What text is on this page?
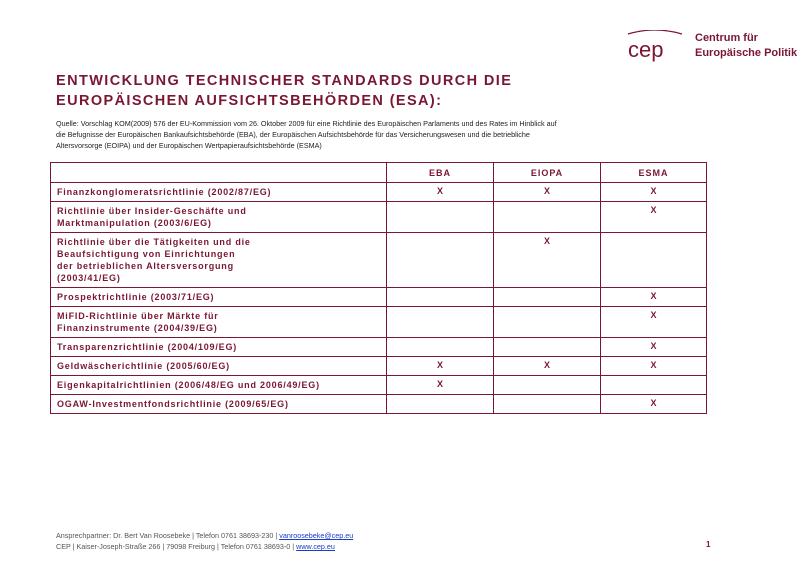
cep	Centrum für
Europäische Politik
ENTWICKLUNG TECHNISCHER STANDARDS DURCH DIE
EUROPÄISCHEN AUFSICHTSBEHÖRDEN (ESA):
Quelle: Vorschlag KOM(2009) 576 der EU-Kommission vom 26. Oktober 2009 für eine Richtlinie des Europäischen Parlaments und des Rates im Hinblick auf
die Befugnisse der Europäischen Bankaufsichtsbehörde (EBA), der Europäischen Aufsichtsbehörde für das Versicherungswesen und die betriebliche
Altersvorsorge (EOIPA) und der Europäischen Wertpapieraufsichtsbehörde (ESMA)
	EBA	EIOPA	ESMA

Finanzkonglomeratsrichtlinie (2002/87/EG)	X	X	X

Richtlinie über Insider-Geschäfte und
Marktmanipulation (2003/6/EG)			X

Richtlinie über die Tätigkeiten und die
Beaufsichtigung von Einrichtungen
der betrieblichen Altersversorgung
(2003/41/EG)		X	

Prospektrichtlinie (2003/71/EG)			X

MiFID-Richtlinie über Märkte für
Finanzinstrumente (2004/39/EG)			X

Transparenzrichtlinie (2004/109/EG)			X

Geldwäscherichtlinie (2005/60/EG)	X	X	X

Eigenkapitalrichtlinien (2006/48/EG und 2006/49/EG)	X		

OGAW-Investmentfondsrichtlinie (2009/65/EG)			X
Ansprechpartner: Dr. Bert Van Roosebeke | Telefon 0761 38693-230 | vanroosebeke@cep.eu
CEP | Kaiser-Joseph-Straße 266 | 79098 Freiburg | Telefon 0761 38693-0 | www.cep.eu	1
